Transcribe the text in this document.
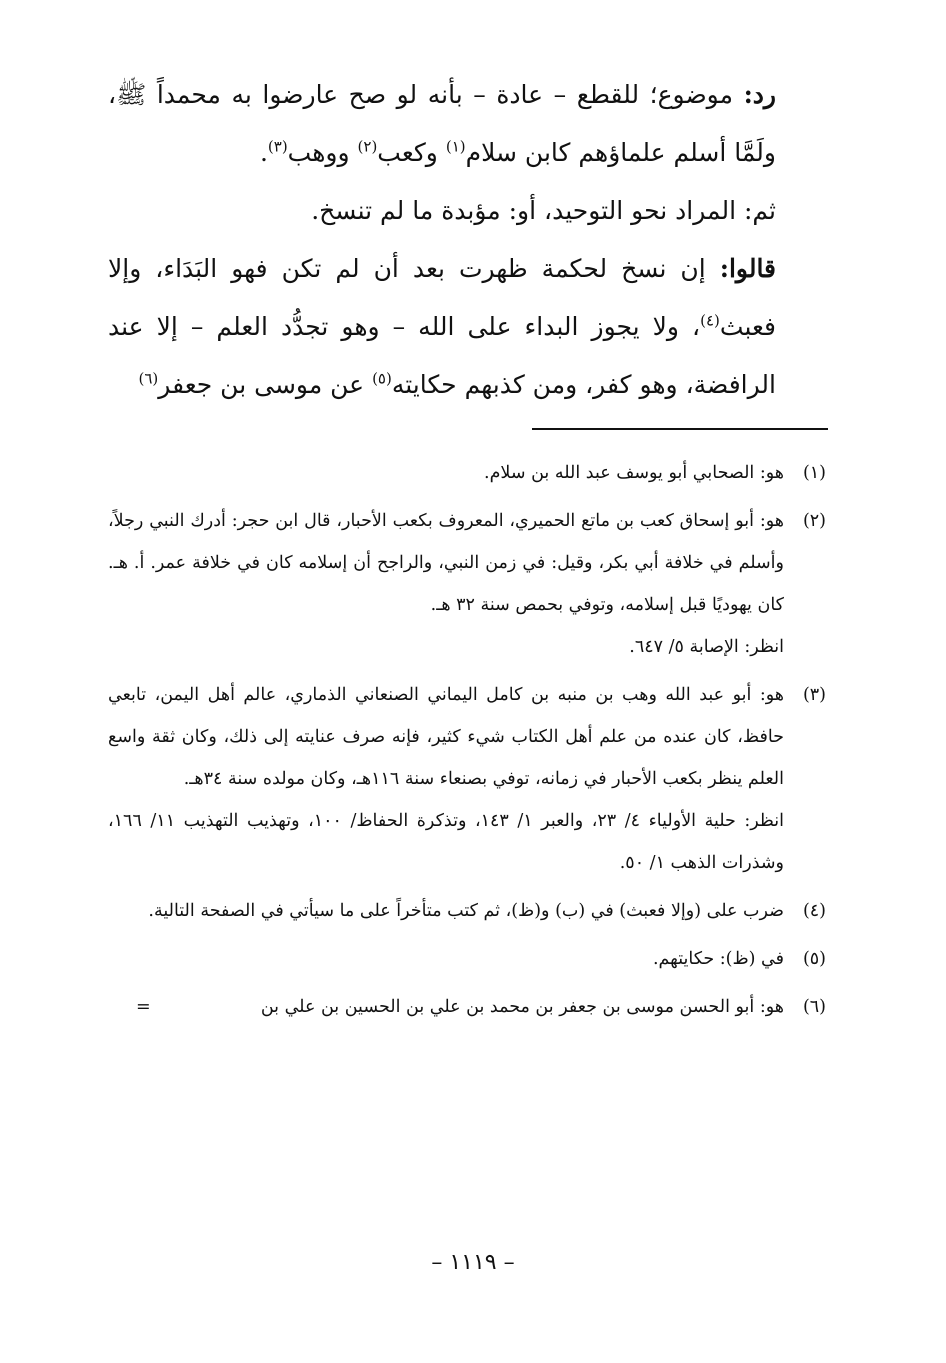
رد: موضوع؛ للقطع – عادة – بأنه لو صح عارضوا به محمداً ﷺ، ولَمَّا أسلم علماؤهم كابن سلام$^{(١)}$ وكعب$^{(٢)}$ ووهب$^{(٣)}$.

ثم: المراد نحو التوحيد، أو: مؤبدة ما لم تنسخ.

قالوا: إن نسخ لحكمة ظهرت بعد أن لم تكن فهو البَدَاء، وإلا فعبث$^{(٤)}$، ولا يجوز البداء على الله – وهو تجدُّد العلم – إلا عند الرافضة، وهو كفر، ومن كذبهم حكايته$^{(٥)}$ عن موسى بن جعفر$^{(٦)}$

(١)
هو: الصحابي أبو يوسف عبد الله بن سلام.
(٢)
هو: أبو إسحاق كعب بن ماتع الحميري، المعروف بكعب الأحبار، قال ابن حجر: أدرك النبي رجلاً، وأسلم في خلافة أبي بكر، وقيل: في زمن النبي، والراجح أن إسلامه كان في خلافة عمر. أ. هـ. كان يهوديًا قبل إسلامه، وتوفي بحمص سنة ٣٢ هـ.
انظر: الإصابة ٥/ ٦٤٧.
(٣)
هو: أبو عبد الله وهب بن منبه بن كامل اليماني الصنعاني الذماري، عالم أهل اليمن، تابعي حافظ، كان عنده من علم أهل الكتاب شيء كثير، فإنه صرف عنايته إلى ذلك، وكان ثقة واسع العلم ينظر بكعب الأحبار في زمانه، توفي بصنعاء سنة ١١٦هـ، وكان مولده سنة ٣٤هـ.
انظر: حلية الأولياء ٤/ ٢٣، والعبر ١/ ١٤٣، وتذكرة الحفاظ/ ١٠٠، وتهذيب التهذيب ١١/ ١٦٦، وشذرات الذهب ١/ ٥٠.
(٤)
ضرب على (وإلا فعبث) في (ب) و(ظ)، ثم كتب متأخراً على ما سيأتي في الصفحة التالية.
(٥)
في (ظ): حكايتهم.
(٦)
هو: أبو الحسن موسى بن جعفر بن محمد بن علي بن الحسين بن علي بن
=
– ١١١٩ –
